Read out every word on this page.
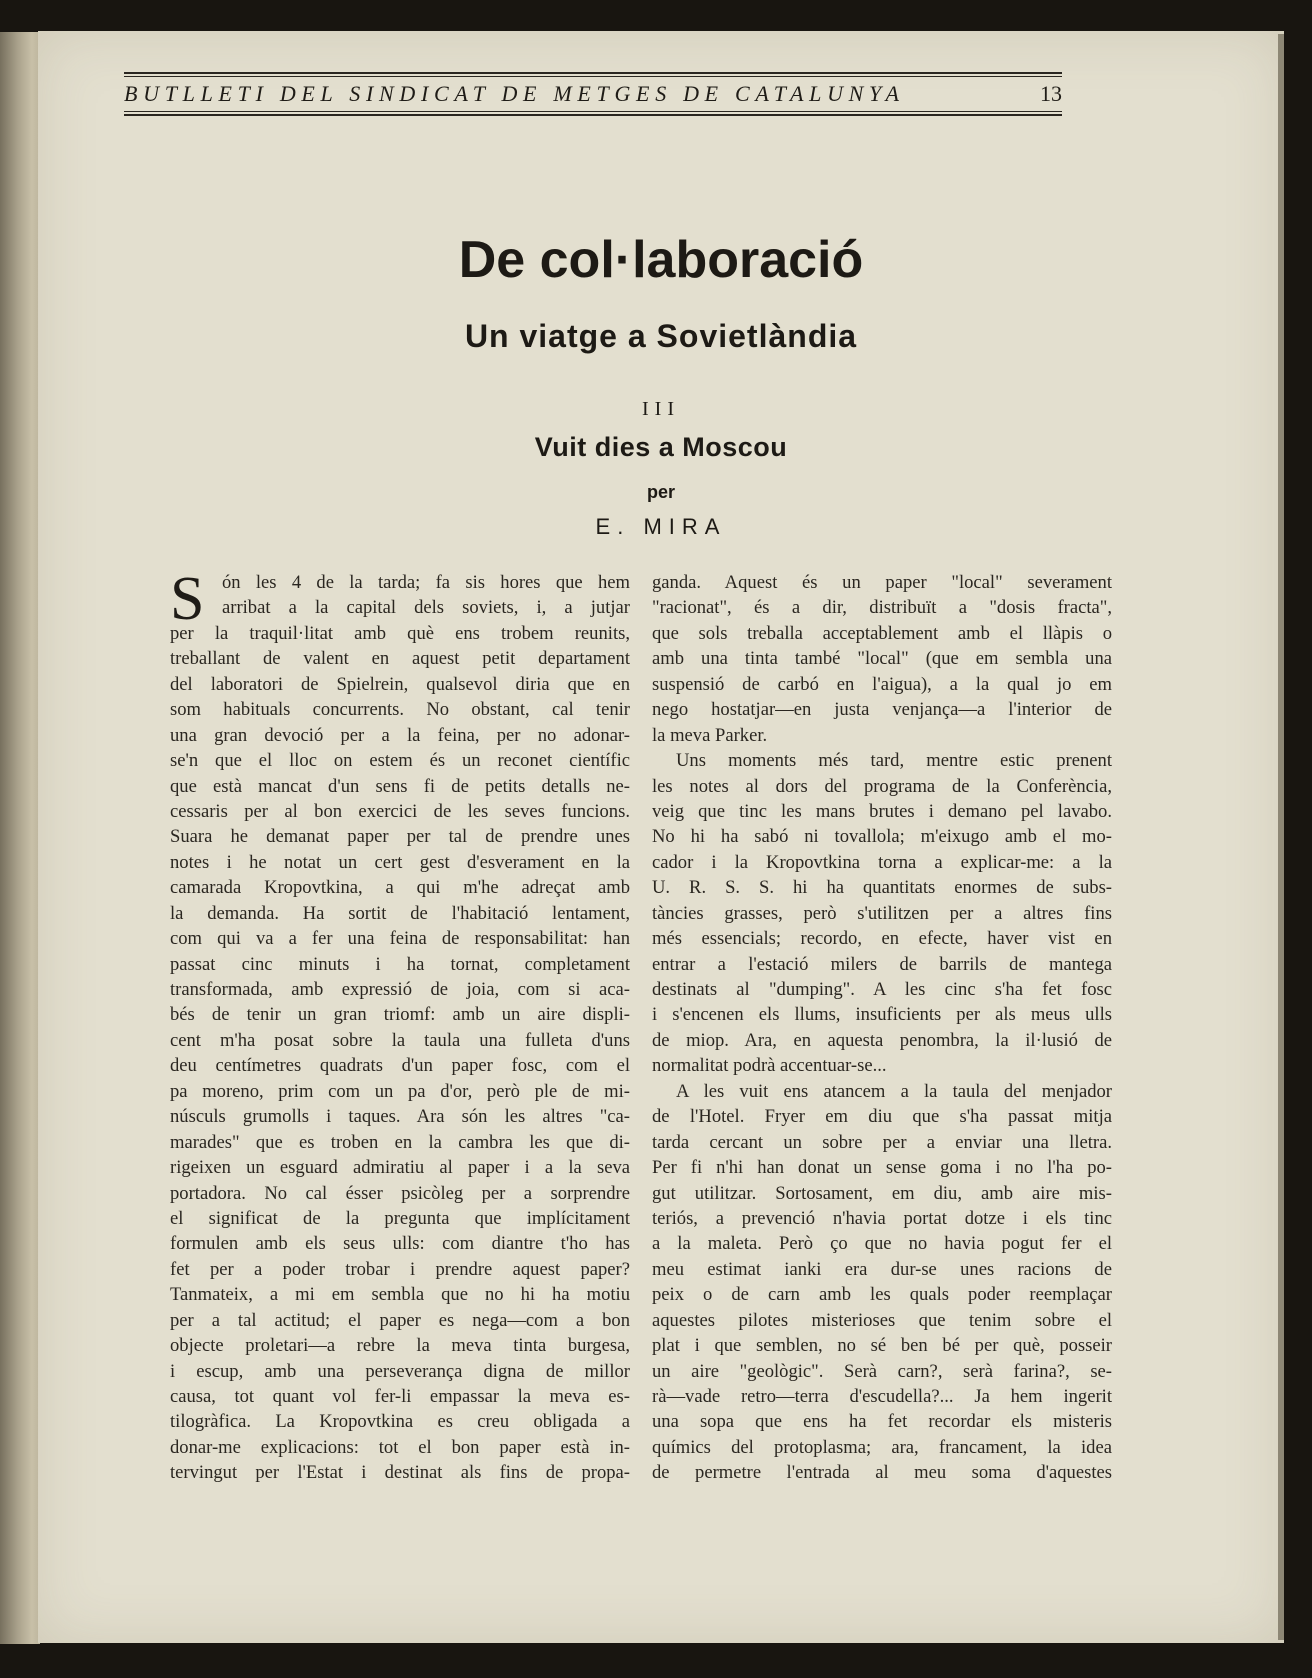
BUTLLETI DEL SINDICAT DE METGES DE CATALUNYA	13
De col·laboració
Un viatge a Sovietlàndia
III
Vuit dies a Moscou
per
E. MIRA
S ón les 4 de la tarda; fa sis hores que hem
arribat a la capital dels soviets, i, a jutjar
per la traquil·litat amb què ens trobem reunits,
treballant de valent en aquest petit departament
del laboratori de Spielrein, qualsevol diria que en
som habituals concurrents. No obstant, cal tenir
una gran devoció per a la feina, per no adonar-
se'n que el lloc on estem és un reconet científic
que està mancat d'un sens fi de petits detalls ne-
cessaris per al bon exercici de les seves funcions.
Suara he demanat paper per tal de prendre unes
notes i he notat un cert gest d'esverament en la
camarada Kropovtkina, a qui m'he adreçat amb
la demanda. Ha sortit de l'habitació lentament,
com qui va a fer una feina de responsabilitat: han
passat cinc minuts i ha tornat, completament
transformada, amb expressió de joia, com si aca-
bés de tenir un gran triomf: amb un aire displi-
cent m'ha posat sobre la taula una fulleta d'uns
deu centímetres quadrats d'un paper fosc, com el
pa moreno, prim com un pa d'or, però ple de mi-
núsculs grumolls i taques. Ara són les altres "ca-
marades" que es troben en la cambra les que di-
rigeixen un esguard admiratiu al paper i a la seva
portadora. No cal ésser psicòleg per a sorprendre
el significat de la pregunta que implícitament
formulen amb els seus ulls: com diantre t'ho has
fet per a poder trobar i prendre aquest paper?
Tanmateix, a mi em sembla que no hi ha motiu
per a tal actitud; el paper es nega—com a bon
objecte proletari—a rebre la meva tinta burgesa,
i escup, amb una perseverança digna de millor
causa, tot quant vol fer-li empassar la meva es-
tilogràfica. La Kropovtkina es creu obligada a
donar-me explicacions: tot el bon paper està in-
tervingut per l'Estat i destinat als fins de propa-
ganda. Aquest és un paper "local" severament
"racionat", és a dir, distribuït a "dosis fracta",
que sols treballa acceptablement amb el llàpis o
amb una tinta també "local" (que em sembla una
suspensió de carbó en l'aigua), a la qual jo em
nego hostatjar—en justa venjança—a l'interior de
la meva Parker.
Uns moments més tard, mentre estic prenent
les notes al dors del programa de la Conferència,
veig que tinc les mans brutes i demano pel lavabo.
No hi ha sabó ni tovallola; m'eixugo amb el mo-
cador i la Kropovtkina torna a explicar-me: a la
U. R. S. S. hi ha quantitats enormes de subs-
tàncies grasses, però s'utilitzen per a altres fins
més essencials; recordo, en efecte, haver vist en
entrar a l'estació milers de barrils de mantega
destinats al "dumping". A les cinc s'ha fet fosc
i s'encenen els llums, insuficients per als meus ulls
de miop. Ara, en aquesta penombra, la il·lusió de
normalitat podrà accentuar-se...
A les vuit ens atancem a la taula del menjador
de l'Hotel. Fryer em diu que s'ha passat mitja
tarda cercant un sobre per a enviar una lletra.
Per fi n'hi han donat un sense goma i no l'ha po-
gut utilitzar. Sortosament, em diu, amb aire mis-
teriós, a prevenció n'havia portat dotze i els tinc
a la maleta. Però ço que no havia pogut fer el
meu estimat ianki era dur-se unes racions de
peix o de carn amb les quals poder reemplaçar
aquestes pilotes misterioses que tenim sobre el
plat i que semblen, no sé ben bé per què, posseir
un aire "geològic". Serà carn?, serà farina?, se-
rà—vade retro—terra d'escudella?... Ja hem ingerit
una sopa que ens ha fet recordar els misteris
químics del protoplasma; ara, francament, la idea
de permetre l'entrada al meu soma d'aquestes
